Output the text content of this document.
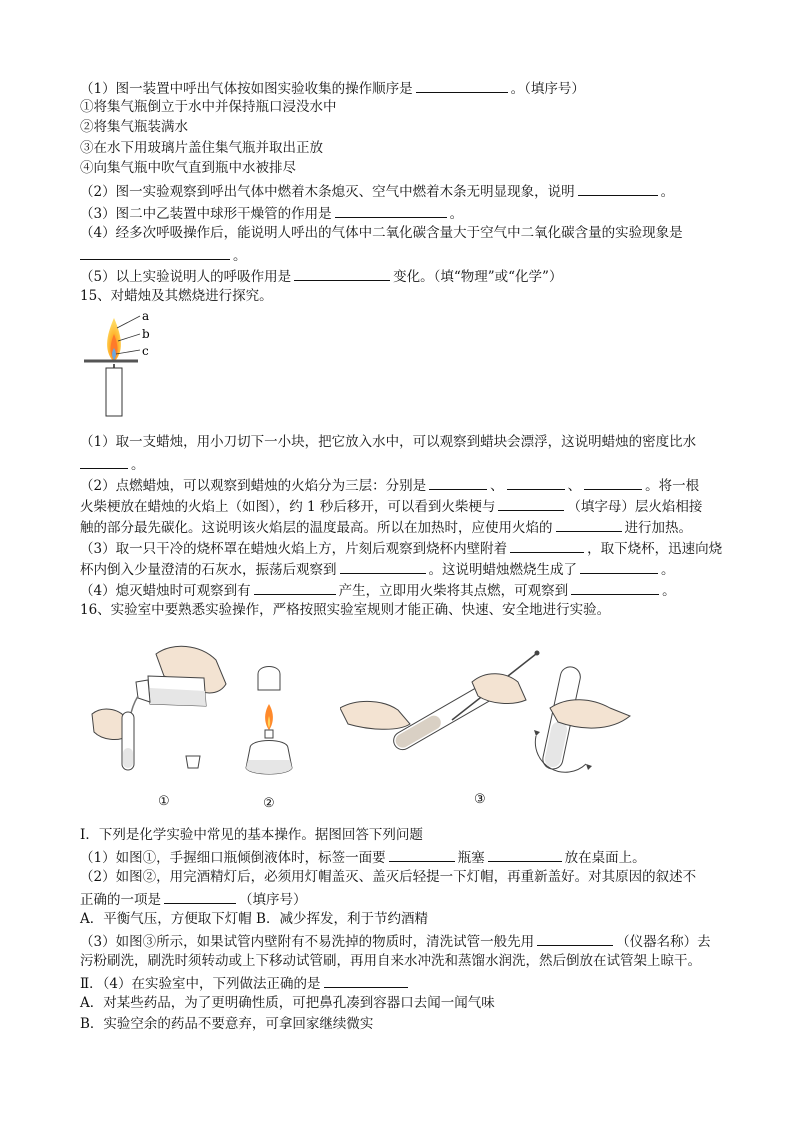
（1）图一装置中呼出气体按如图实验收集的操作顺序是	。（填序号）
①将集气瓶倒立于水中并保持瓶口浸没水中
②将集气瓶装满水
③在水下用玻璃片盖住集气瓶并取出正放
④向集气瓶中吹气直到瓶中水被排尽
（2）图一实验观察到呼出气体中燃着木条熄灭、空气中燃着木条无明显现象，说明	。
（3）图二中乙装置中球形干燥管的作用是	。
（4）经多次呼吸操作后，能说明人呼出的气体中二氧化碳含量大于空气中二氧化碳含量的实验现象是
。
（5）以上实验说明人的呼吸作用是	变化。（填“物理”或“化学”）
15、对蜡烛及其燃烧进行探究。
a
b
c
（1）取一支蜡烛，用小刀切下一小块，把它放入水中，可以观察到蜡块会漂浮，这说明蜡烛的密度比水
。
（2）点燃蜡烛，可以观察到蜡烛的火焰分为三层：分别是	、	、	。将一根
火柴梗放在蜡烛的火焰上（如图），约 1 秒后移开，可以看到火柴梗与	（填字母）层火焰相接
触的部分最先碳化。这说明该火焰层的温度最高。所以在加热时，应使用火焰的	进行加热。
（3）取一只干冷的烧杯罩在蜡烛火焰上方，片刻后观察到烧杯内壁附着	，取下烧杯，迅速向烧
杯内倒入少量澄清的石灰水，振荡后观察到	。这说明蜡烛燃烧生成了	。
（4）熄灭蜡烛时可观察到有	产生，立即用火柴将其点燃，可观察到	。
16、实验室中要熟悉实验操作，严格按照实验室规则才能正确、快速、安全地进行实验。
①	②	③
Ⅰ．下列是化学实验中常见的基本操作。据图回答下列问题
（1）如图①，手握细口瓶倾倒液体时，标签一面要	瓶塞	放在桌面上。
（2）如图②，用完酒精灯后，必须用灯帽盖灭、盖灭后轻提一下灯帽，再重新盖好。对其原因的叙述不
正确的一项是	（填序号）
A．平衡气压，方便取下灯帽 B．减少挥发，利于节约酒精
（3）如图③所示，如果试管内壁附有不易洗掉的物质时，清洗试管一般先用	（仪器名称）去
污粉刷洗，刷洗时须转动或上下移动试管刷，再用自来水冲洗和蒸馏水润洗，然后倒放在试管架上晾干。
Ⅱ．（4）在实验室中，下列做法正确的是
A．对某些药品，为了更明确性质，可把鼻孔凑到容器口去闻一闻气味
B．实验空余的药品不要意弃，可拿回家继续微实
